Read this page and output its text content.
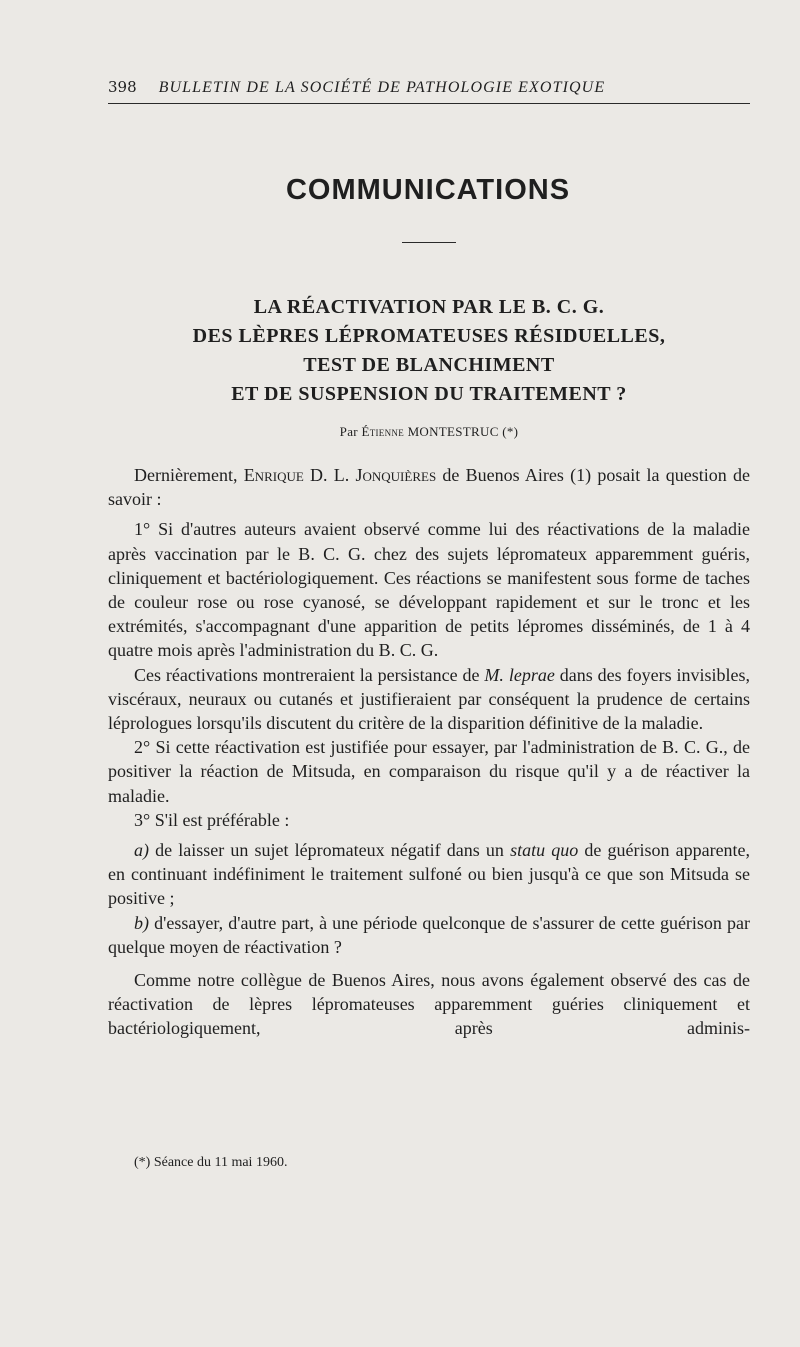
398 BULLETIN DE LA SOCIÉTÉ DE PATHOLOGIE EXOTIQUE
COMMUNICATIONS
LA RÉACTIVATION PAR LE B. C. G.
DES LÈPRES LÉPROMATEUSES RÉSIDUELLES,
TEST DE BLANCHIMENT
ET DE SUSPENSION DU TRAITEMENT ?
Par Étienne MONTESTRUC (*)

Dernièrement, Enrique D. L. Jonquières de Buenos Aires (1) posait la question de savoir :

1° Si d'autres auteurs avaient observé comme lui des réactivations de la maladie après vaccination par le B. C. G. chez des sujets lépromateux apparemment guéris, cliniquement et bactériologiquement. Ces réactions se manifestent sous forme de taches de couleur rose ou rose cyanosé, se développant rapidement et sur le tronc et les extrémités, s'accompagnant d'une apparition de petits lépromes disséminés, de 1 à 4 quatre mois après l'administration du B. C. G.

Ces réactivations montreraient la persistance de M. leprae dans des foyers invisibles, viscéraux, neuraux ou cutanés et justifieraient par conséquent la prudence de certains léprologues lorsqu'ils discutent du critère de la disparition définitive de la maladie.

2° Si cette réactivation est justifiée pour essayer, par l'administration de B. C. G., de positiver la réaction de Mitsuda, en comparaison du risque qu'il y a de réactiver la maladie.

3° S'il est préférable :

a) de laisser un sujet lépromateux négatif dans un statu quo de guérison apparente, en continuant indéfiniment le traitement sulfoné ou bien jusqu'à ce que son Mitsuda se positive ;

b) d'essayer, d'autre part, à une période quelconque de s'assurer de cette guérison par quelque moyen de réactivation ?

Comme notre collègue de Buenos Aires, nous avons également observé des cas de réactivation de lèpres lépromateuses apparemment guéries cliniquement et bactériologiquement, après adminis-

(*) Séance du 11 mai 1960.
